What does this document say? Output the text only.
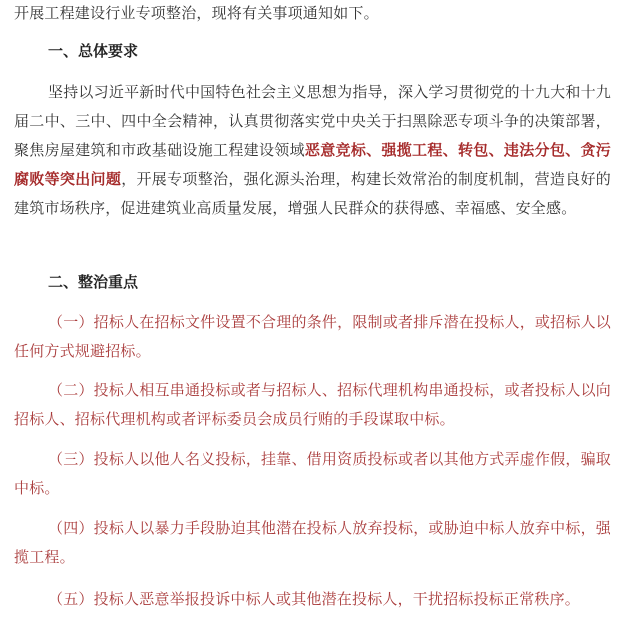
开展工程建设行业专项整治，现将有关事项通知如下。

一、总体要求

坚持以习近平新时代中国特色社会主义思想为指导，深入学习贯彻党的十九大和十九届二中、三中、四中全会精神，认真贯彻落实党中央关于扫黑除恶专项斗争的决策部署，聚焦房屋建筑和市政基础设施工程建设领域恶意竞标、强揽工程、转包、违法分包、贪污腐败等突出问题，开展专项整治，强化源头治理，构建长效常治的制度机制，营造良好的建筑市场秩序，促进建筑业高质量发展，增强人民群众的获得感、幸福感、安全感。

二、整治重点

（一）招标人在招标文件设置不合理的条件，限制或者排斥潜在投标人，或招标人以任何方式规避招标。

（二）投标人相互串通投标或者与招标人、招标代理机构串通投标，或者投标人以向招标人、招标代理机构或者评标委员会成员行贿的手段谋取中标。

（三）投标人以他人名义投标，挂靠、借用资质投标或者以其他方式弄虚作假，骗取中标。

（四）投标人以暴力手段胁迫其他潜在投标人放弃投标，或胁迫中标人放弃中标，强揽工程。

（五）投标人恶意举报投诉中标人或其他潜在投标人，干扰招标投标正常秩序。
